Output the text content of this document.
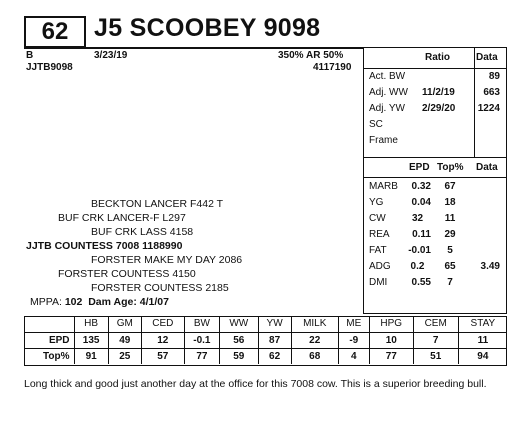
62	J5 SCOOBEY 9098
B
JJTB9098
3/23/19	350% AR 50%
4117190
BECKTON LANCER F442 T
BUF CRK LANCER-F L297
BUF CRK LASS 4158
JJTB COUNTESS 7008 1188990
FORSTER MAKE MY DAY 2086
FORSTER COUNTESS 4150
FORSTER COUNTESS 2185
MPPA: 102 Dam Age: 4/1/07
Ratio	Data
Act. BW	89
Adj. WW 11/2/19	663
Adj. YW 2/29/20	1224
SC
Frame
EPD Top% Data
MARB	0.32 67
YG	0.04 18
CW	32	11
REA	0.11 29
FAT	-0.01	5
ADG	0.2	65	3.49
DMI	0.55	7
	HB	GM	CED	BW	WW	YW	MILK	ME	HPG	CEM	STAY
EPD	135	49	12	-0.1	56	87	22	-9	10	7	11
Top%	91	25	57	77	59	62	68	4	77	51	94
Long thick and good just another day at the office for this 7008 cow. This is a superior breeding bull.
